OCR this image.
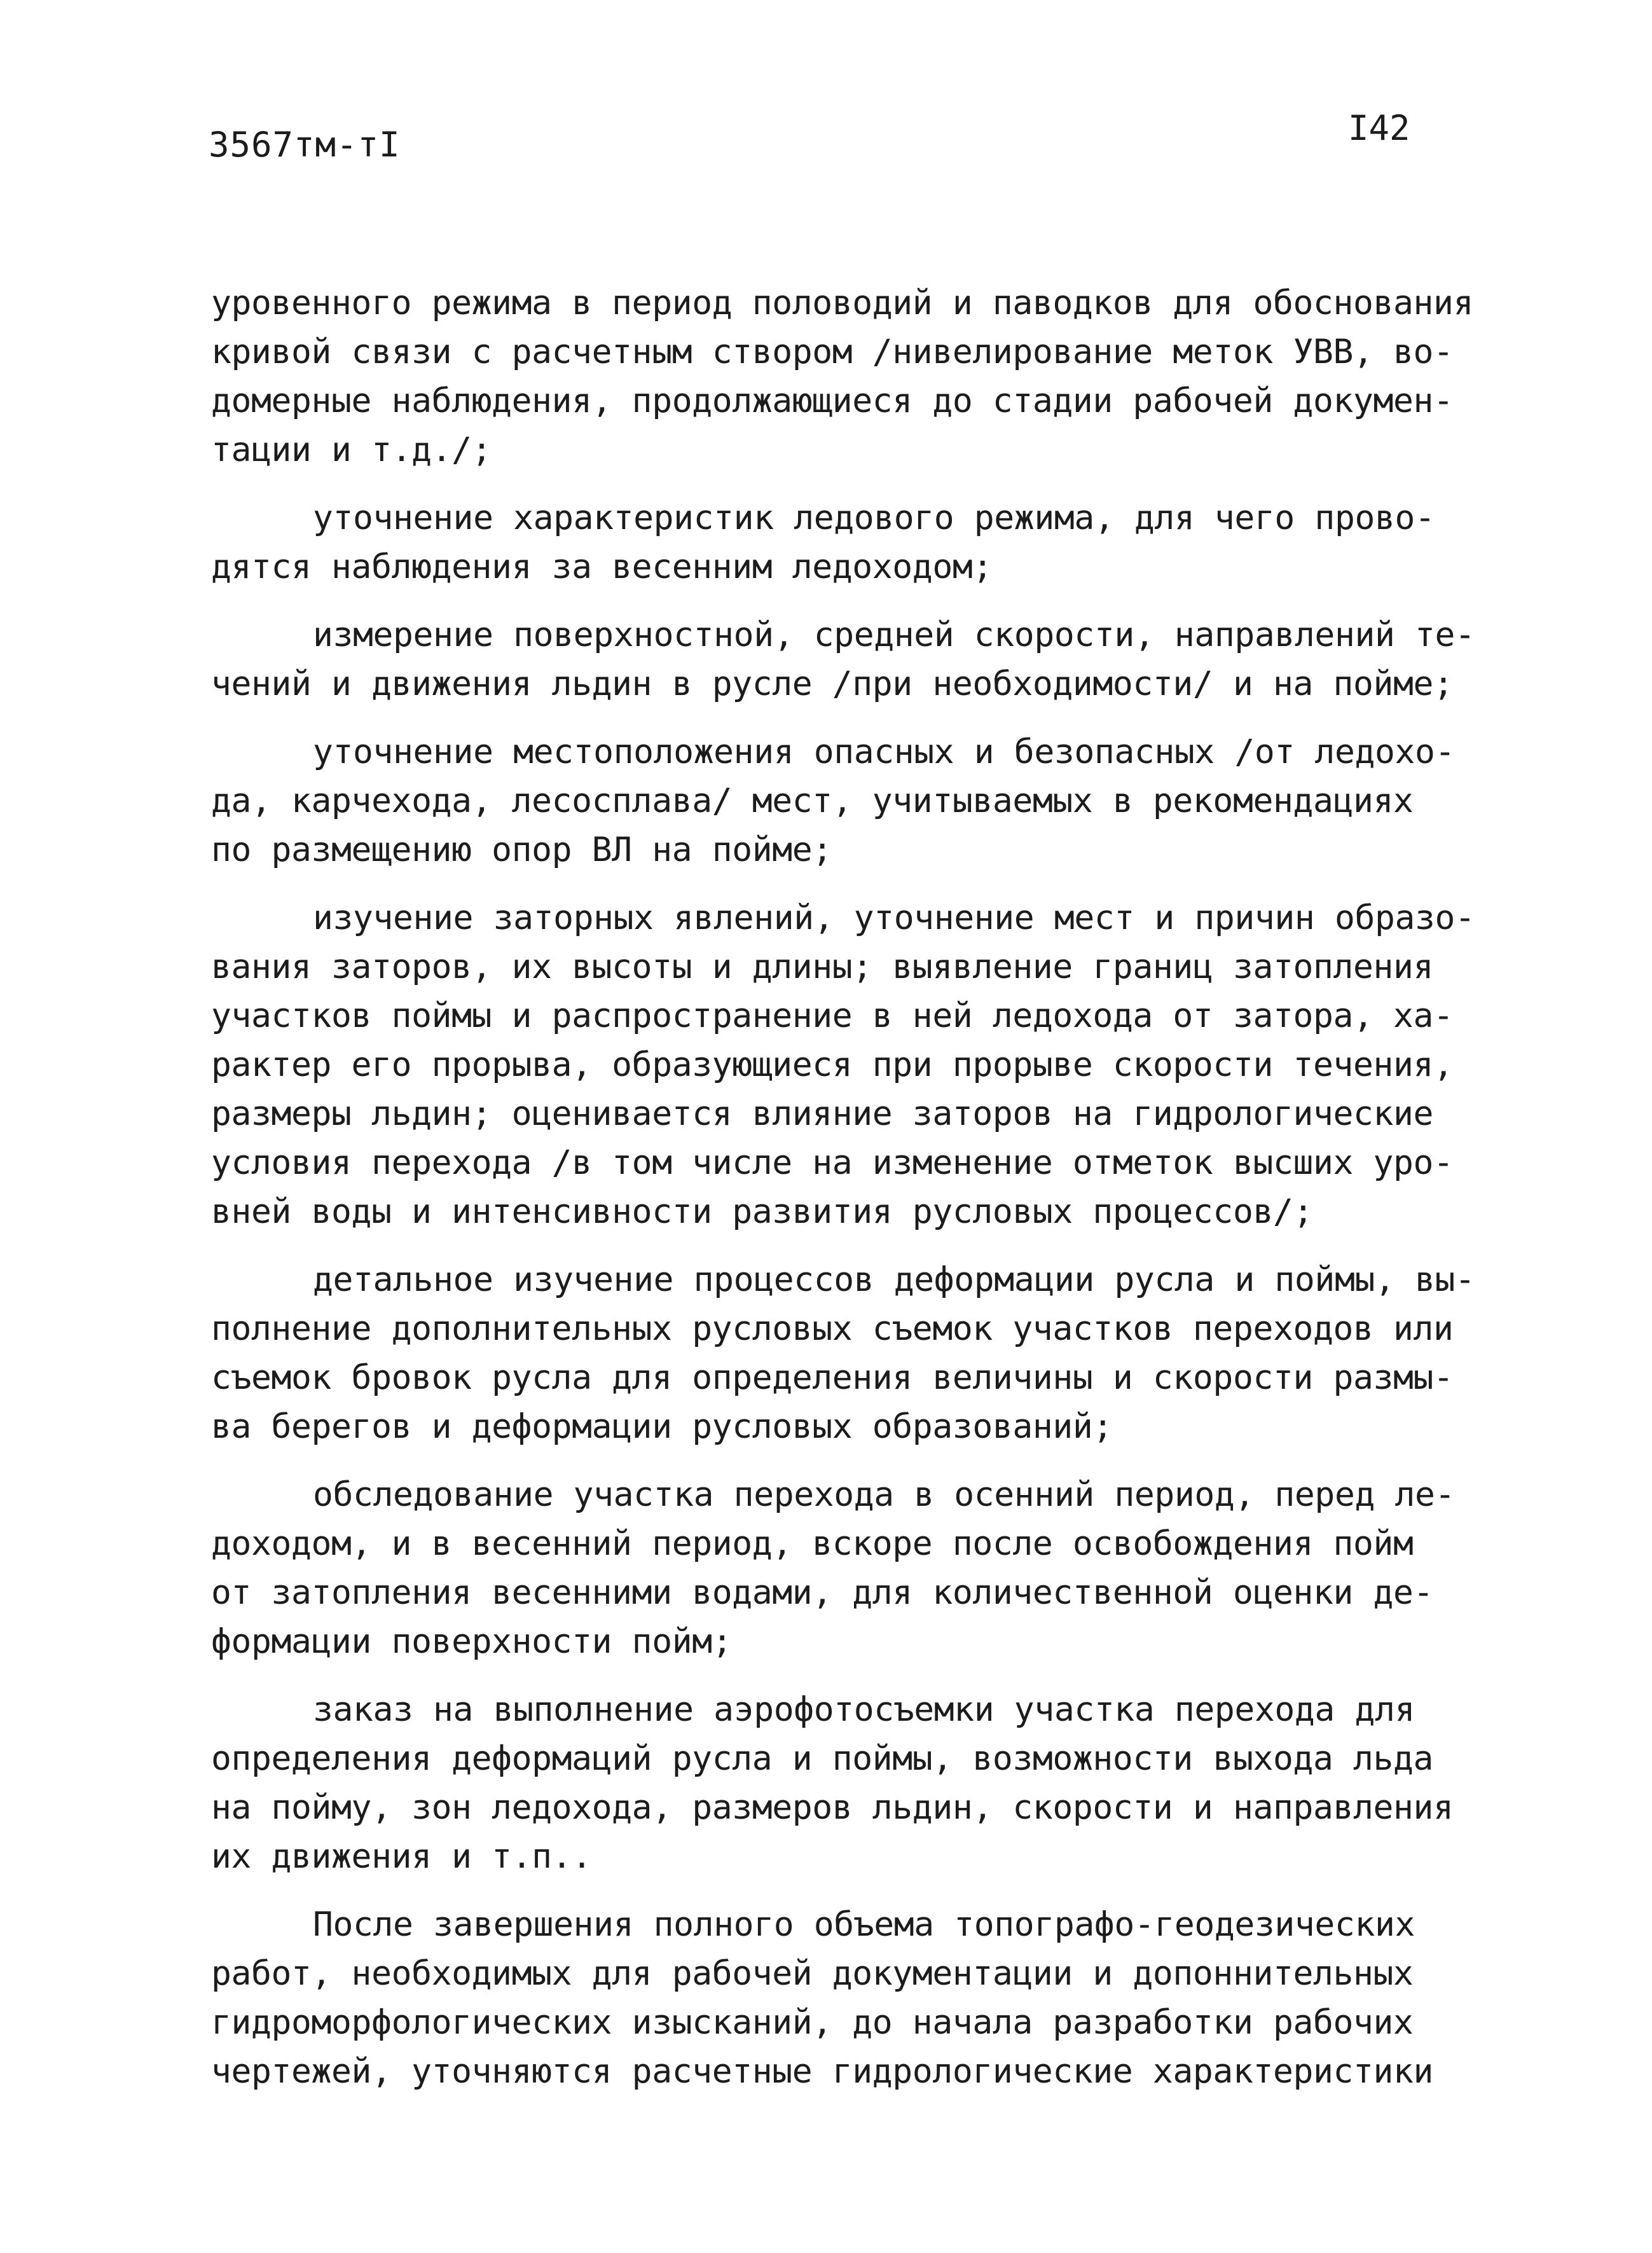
3567тм-тI	I42

уровенного режима в период половодий и паводков для обоснования
кривой связи с расчетным створом /нивелирование меток УВВ, во-
домерные наблюдения, продолжающиеся до стадии рабочей докумен-
тации и т.д./;

уточнение характеристик ледового режима, для чего прово-
дятся наблюдения за весенним ледоходом;

измерение поверхностной, средней скорости, направлений те-
чений и движения льдин в русле /при необходимости/ и на пойме;

уточнение местоположения опасных и безопасных /от ледохо-
да, карчехода, лесосплава/ мест, учитываемых в рекомендациях
по размещению опор ВЛ на пойме;

изучение заторных явлений, уточнение мест и причин образо-
вания заторов, их высоты и длины; выявление границ затопления
участков поймы и распространение в ней ледохода от затора, ха-
рактер его прорыва, образующиеся при прорыве скорости течения,
размеры льдин; оценивается влияние заторов на гидрологические
условия перехода /в том числе на изменение отметок высших уро-
вней воды и интенсивности развития русловых процессов/;

детальное изучение процессов деформации русла и поймы, вы-
полнение дополнительных русловых съемок участков переходов или
съемок бровок русла для определения величины и скорости размы-
ва берегов и деформации русловых образований;

обследование участка перехода в осенний период, перед ле-
доходом, и в весенний период, вскоре после освобождения пойм
от затопления весенними водами, для количественной оценки де-
формации поверхности пойм;

заказ на выполнение аэрофотосъемки участка перехода для
определения деформаций русла и поймы, возможности выхода льда
на пойму, зон ледохода, размеров льдин, скорости и направления
их движения и т.п..

После завершения полного объема топографо-геодезических
работ, необходимых для рабочей документации и допоннительных
гидроморфологических изысканий, до начала разработки рабочих
чертежей, уточняются расчетные гидрологические характеристики
